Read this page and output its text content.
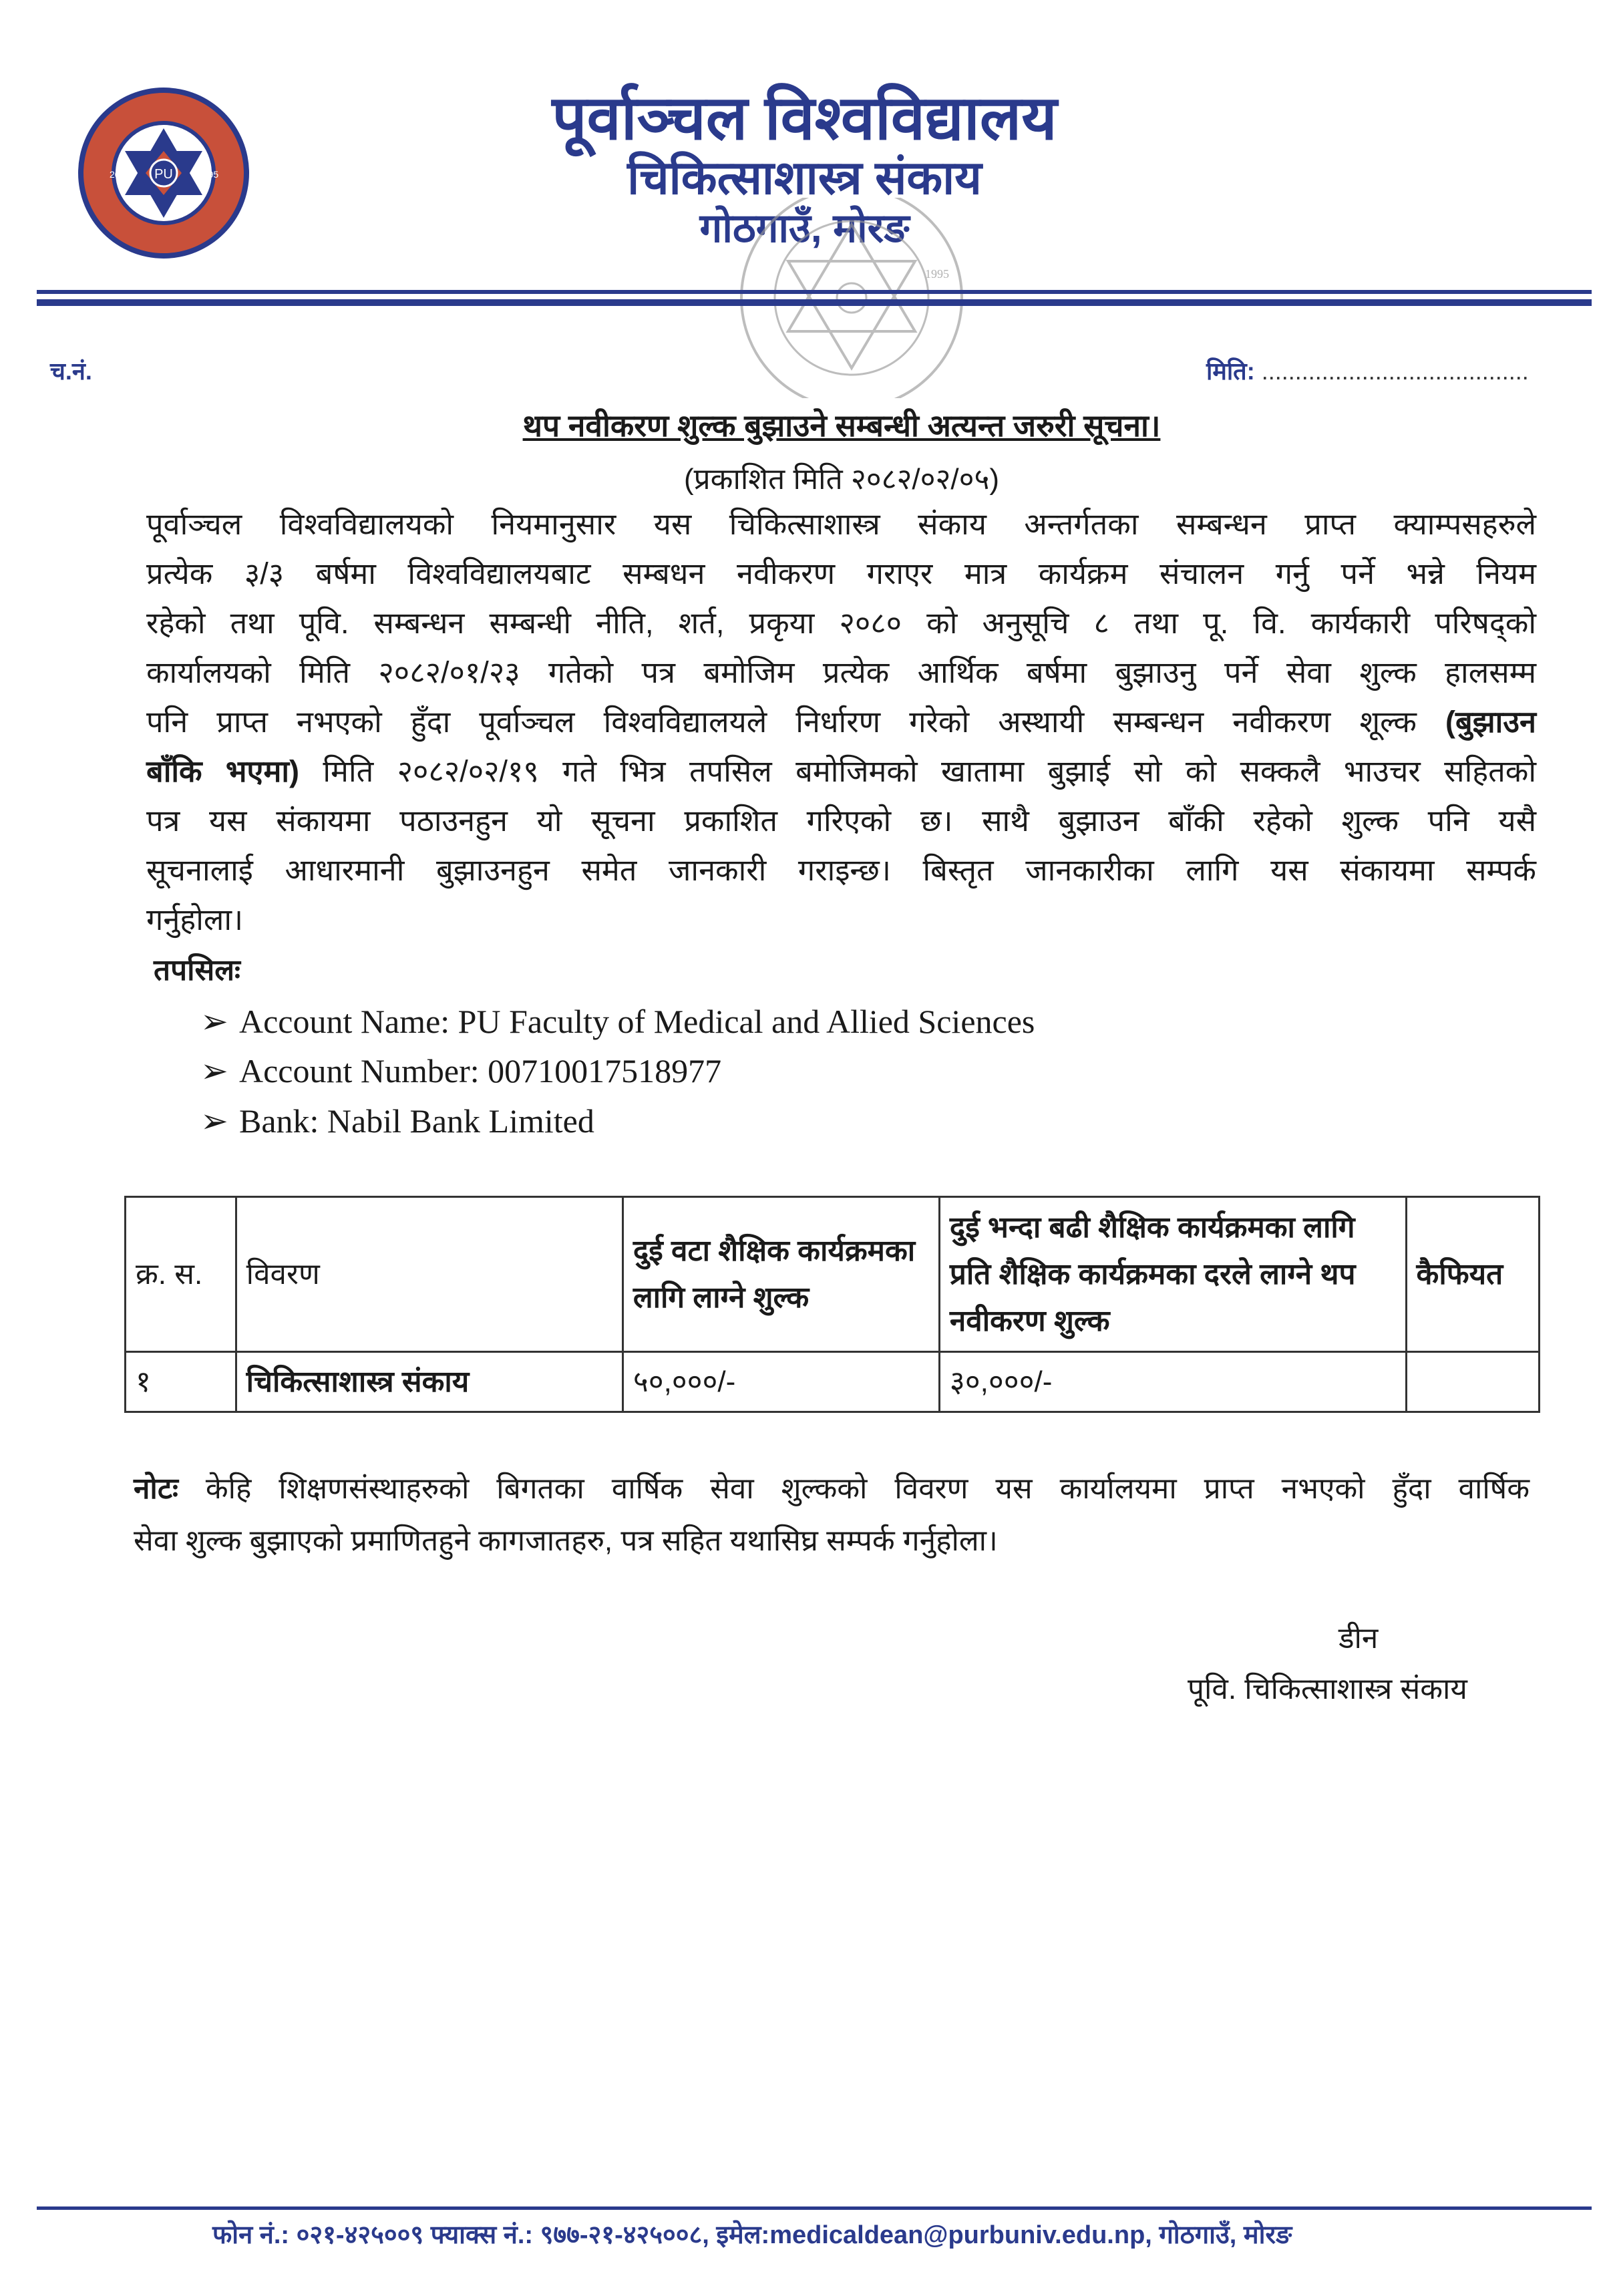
PU
2052	1995
पूर्वाञ्चल विश्वविद्यालय
चिकित्साशास्त्र संकाय
गोठगाउँ, मोरङ
1995
च.नं.	मिति: ........................................
थप नवीकरण शुल्क बुझाउने सम्बन्धी अत्यन्त जरुरी सूचना।
(प्रकाशित मिति २०८२/०२/०५)
पूर्वाञ्चल विश्वविद्यालयको नियमानुसार यस चिकित्साशास्त्र संकाय अन्तर्गतका सम्बन्धन प्राप्त क्याम्पसहरुले
प्रत्येक ३/३ बर्षमा विश्वविद्यालयबाट सम्बधन नवीकरण गराएर मात्र कार्यक्रम संचालन गर्नु पर्ने भन्ने नियम
रहेको तथा पूवि. सम्बन्धन सम्बन्धी नीति, शर्त, प्रकृया २०८० को अनुसूचि ८ तथा पू. वि. कार्यकारी परिषद्को
कार्यालयको मिति २०८२/०१/२३ गतेको पत्र बमोजिम प्रत्येक आर्थिक बर्षमा बुझाउनु पर्ने सेवा शुल्क हालसम्म
पनि प्राप्त नभएको हुँदा पूर्वाञ्चल विश्वविद्यालयले निर्धारण गरेको अस्थायी सम्बन्धन नवीकरण शूल्क (बुझाउन
बाँकि भएमा) मिति २०८२/०२/१९ गते भित्र तपसिल बमोजिमको खातामा बुझाई सो को सक्कलै भाउचर सहितको
पत्र यस संकायमा पठाउनहुन यो सूचना प्रकाशित गरिएको छ। साथै बुझाउन बाँकी रहेको शुल्क पनि यसै
सूचनालाई आधारमानी बुझाउनहुन समेत जानकारी गराइन्छ। बिस्तृत जानकारीका लागि यस संकायमा सम्पर्क
गर्नुहोला।
तपसिलः
➢ Account Name: PU Faculty of Medical and Allied Sciences
➢ Account Number: 00710017518977
➢ Bank: Nabil Bank Limited
क्र. स.	विवरण	दुई वटा शैक्षिक कार्यक्रमका लागि लाग्ने शुल्क	दुई भन्दा बढी शैक्षिक कार्यक्रमका लागि प्रति शैक्षिक कार्यक्रमका दरले लाग्ने थप नवीकरण शुल्क	कैफियत
१	चिकित्साशास्त्र संकाय	५०,०००/-	३०,०००/-	
नोटः केहि शिक्षणसंस्थाहरुको बिगतका वार्षिक सेवा शुल्कको विवरण यस कार्यालयमा प्राप्त नभएको हुँदा वार्षिक
सेवा शुल्क बुझाएको प्रमाणितहुने कागजातहरु, पत्र सहित यथासिघ्र सम्पर्क गर्नुहोला।
डीन
पूवि. चिकित्साशास्त्र संकाय
फोन नं.: ०२१-४२५००९ फ्याक्स नं.: ९७७-२१-४२५००८, इमेल:medicaldean@purbuniv.edu.np, गोठगाउँ, मोरङ
